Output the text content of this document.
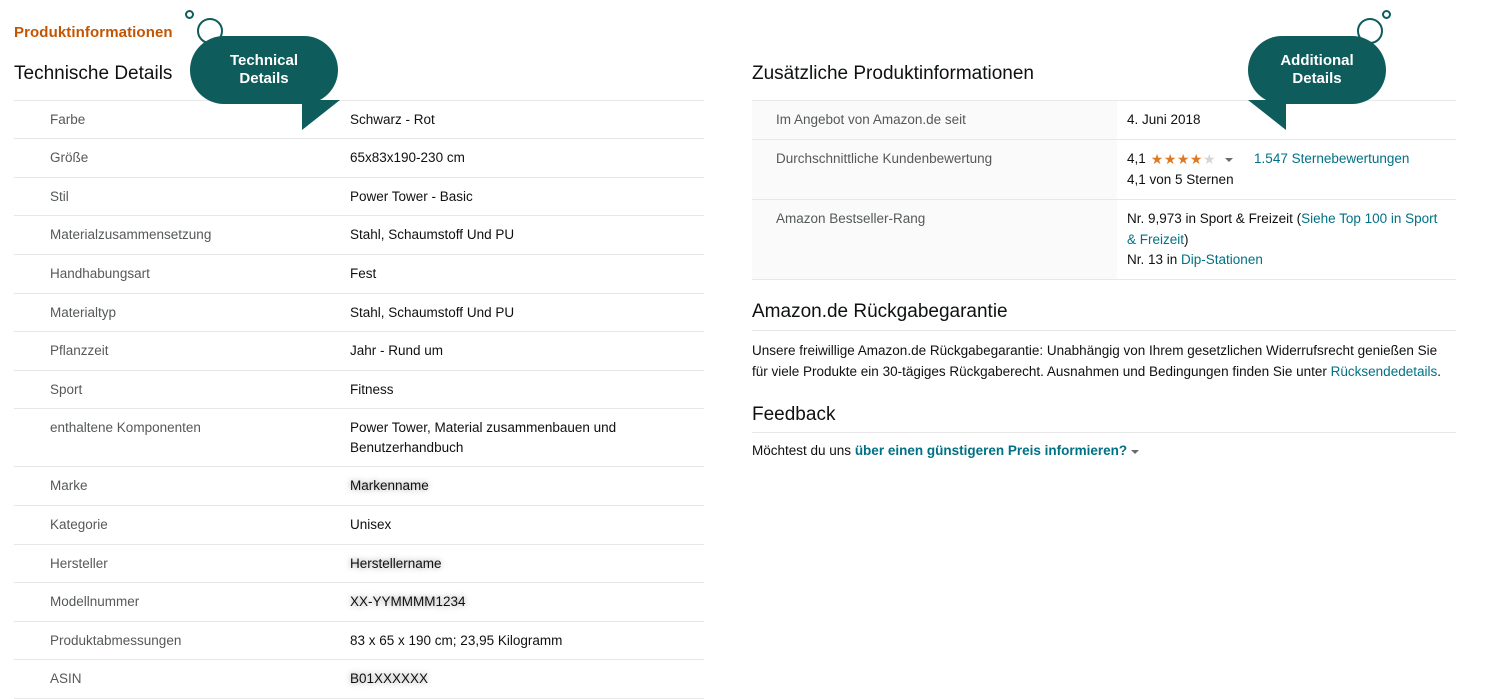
Produktinformationen
Technische Details
Farbe	Schwarz - Rot
Größe	65x83x190-230 cm
Stil	Power Tower - Basic
Materialzusammensetzung	Stahl, Schaumstoff Und PU
Handhabungsart	Fest
Materialtyp	Stahl, Schaumstoff Und PU
Pflanzzeit	Jahr - Rund um
Sport	Fitness
enthaltene Komponenten	Power Tower, Material zusammenbauen und Benutzerhandbuch
Marke	Markenname
Kategorie	Unisex
Hersteller	Herstellername
Modellnummer	XX-YYMMMM1234
Produktabmessungen	83 x 65 x 190 cm; 23,95 Kilogramm
ASIN	B01XXXXXX
Zusätzliche Produktinformationen
Im Angebot von Amazon.de seit	4. Juni 2018
Durchschnittliche Kundenbewertung	4,1 ★★★★★ 1.547 Sternebewertungen
4,1 von 5 Sternen

Amazon Bestseller-Rang	Nr. 9,973 in Sport & Freizeit (Siehe Top 100 in Sport & Freizeit)
Nr. 13 in Dip-Stationen
Amazon.de Rückgabegarantie
Unsere freiwillige Amazon.de Rückgabegarantie: Unabhängig von Ihrem gesetzlichen Widerrufsrecht genießen Sie für viele Produkte ein 30-tägiges Rückgaberecht. Ausnahmen und Bedingungen finden Sie unter Rücksendedetails.
Feedback
Möchtest du uns über einen günstigeren Preis informieren?
Technical
Details
Additional
Details
